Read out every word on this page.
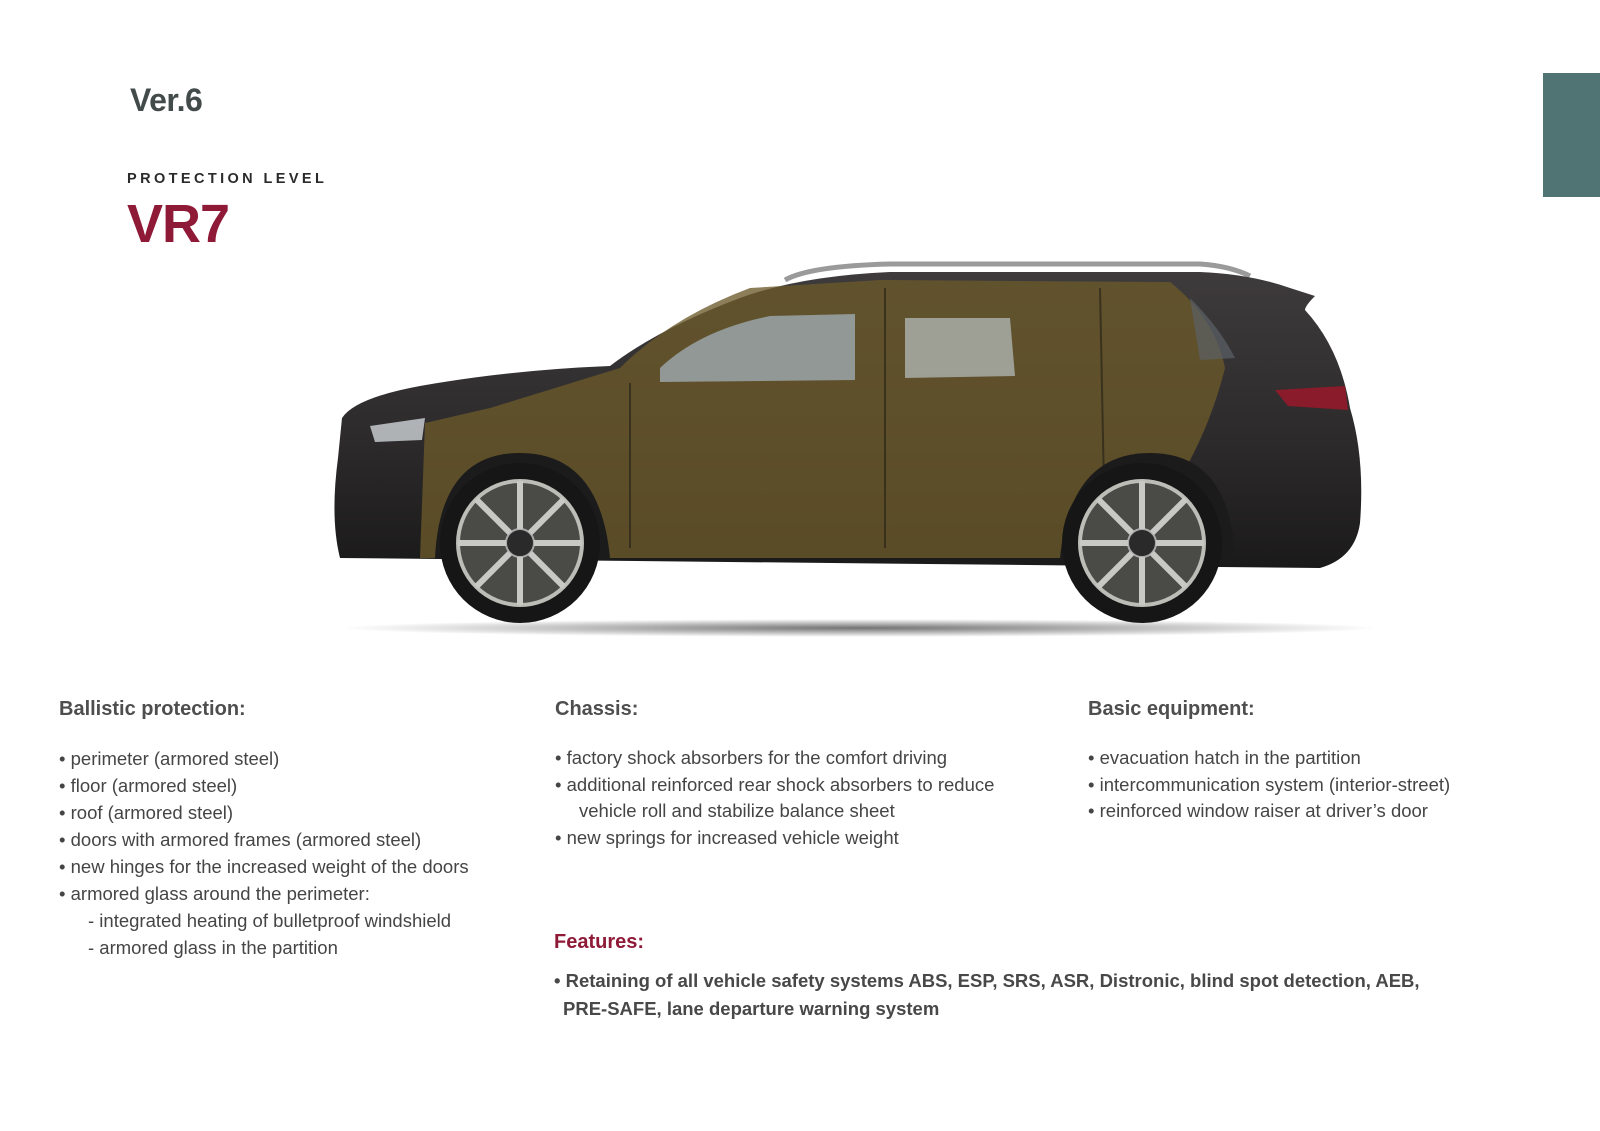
Ver.6
PROTECTION LEVEL
VR7
Ballistic protection:
• perimeter (armored steel)
• floor (armored steel)
• roof (armored steel)
• doors with armored frames (armored steel)
• new hinges for the increased weight of the doors
• armored glass around the perimeter:
- integrated heating of bulletproof windshield
- armored glass in the partition
Chassis:
• factory shock absorbers for the comfort driving
• additional reinforced rear shock absorbers to reduce
vehicle roll and stabilize balance sheet
• new springs for increased vehicle weight
Basic equipment:
• evacuation hatch in the partition
• intercommunication system (interior-street)
• reinforced window raiser at driver’s door
Features:

• Retaining of all vehicle safety systems ABS, ESP, SRS, ASR, Distronic, blind spot detection, AEB,

PRE-SAFE, lane departure warning system
